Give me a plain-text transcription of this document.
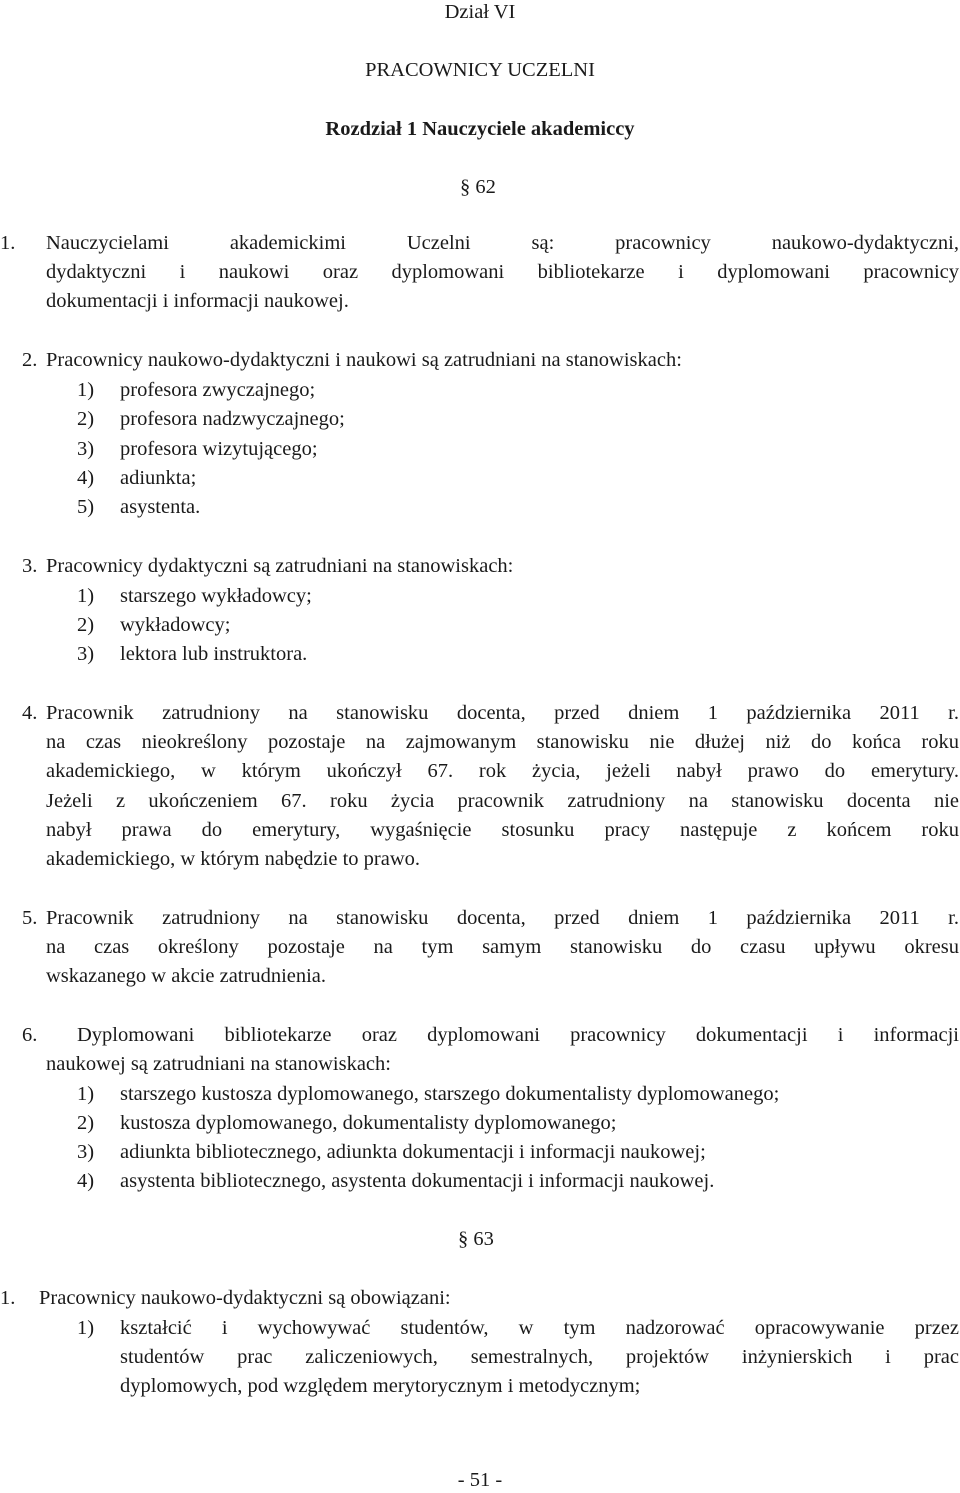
Dział VI
PRACOWNICY UCZELNI
Rozdział 1 Nauczyciele akademiccy
§ 62
1. Nauczycielami akademickimi Uczelni są: pracownicy naukowo-dydaktyczni,
dydaktyczni i naukowi oraz dyplomowani bibliotekarze i dyplomowani pracownicy
dokumentacji i informacji naukowej.
2. Pracownicy naukowo-dydaktyczni i naukowi są zatrudniani na stanowiskach:
1) profesora zwyczajnego;
2) profesora nadzwyczajnego;
3) profesora wizytującego;
4) adiunkta;
5) asystenta.
3. Pracownicy dydaktyczni są zatrudniani na stanowiskach:
1) starszego wykładowcy;
2) wykładowcy;
3) lektora lub instruktora.
4. Pracownik zatrudniony na stanowisku docenta, przed dniem 1 października 2011 r.
na czas nieokreślony pozostaje na zajmowanym stanowisku nie dłużej niż do końca roku
akademickiego, w którym ukończył 67. rok życia, jeżeli nabył prawo do emerytury.
Jeżeli z ukończeniem 67. roku życia pracownik zatrudniony na stanowisku docenta nie
nabył prawa do emerytury, wygaśnięcie stosunku pracy następuje z końcem roku
akademickiego, w którym nabędzie to prawo.
5. Pracownik zatrudniony na stanowisku docenta, przed dniem 1 października 2011 r.
na czas określony pozostaje na tym samym stanowisku do czasu upływu okresu
wskazanego w akcie zatrudnienia.
6. Dyplomowani bibliotekarze oraz dyplomowani pracownicy dokumentacji i informacji
naukowej są zatrudniani na stanowiskach:
1) starszego kustosza dyplomowanego, starszego dokumentalisty dyplomowanego;
2) kustosza dyplomowanego, dokumentalisty dyplomowanego;
3) adiunkta bibliotecznego, adiunkta dokumentacji i informacji naukowej;
4) asystenta bibliotecznego, asystenta dokumentacji i informacji naukowej.
§ 63
1. Pracownicy naukowo-dydaktyczni są obowiązani:
1) kształcić i wychowywać studentów, w tym nadzorować opracowywanie przez
studentów prac zaliczeniowych, semestralnych, projektów inżynierskich i prac
dyplomowych, pod względem merytorycznym i metodycznym;
- 51 -
